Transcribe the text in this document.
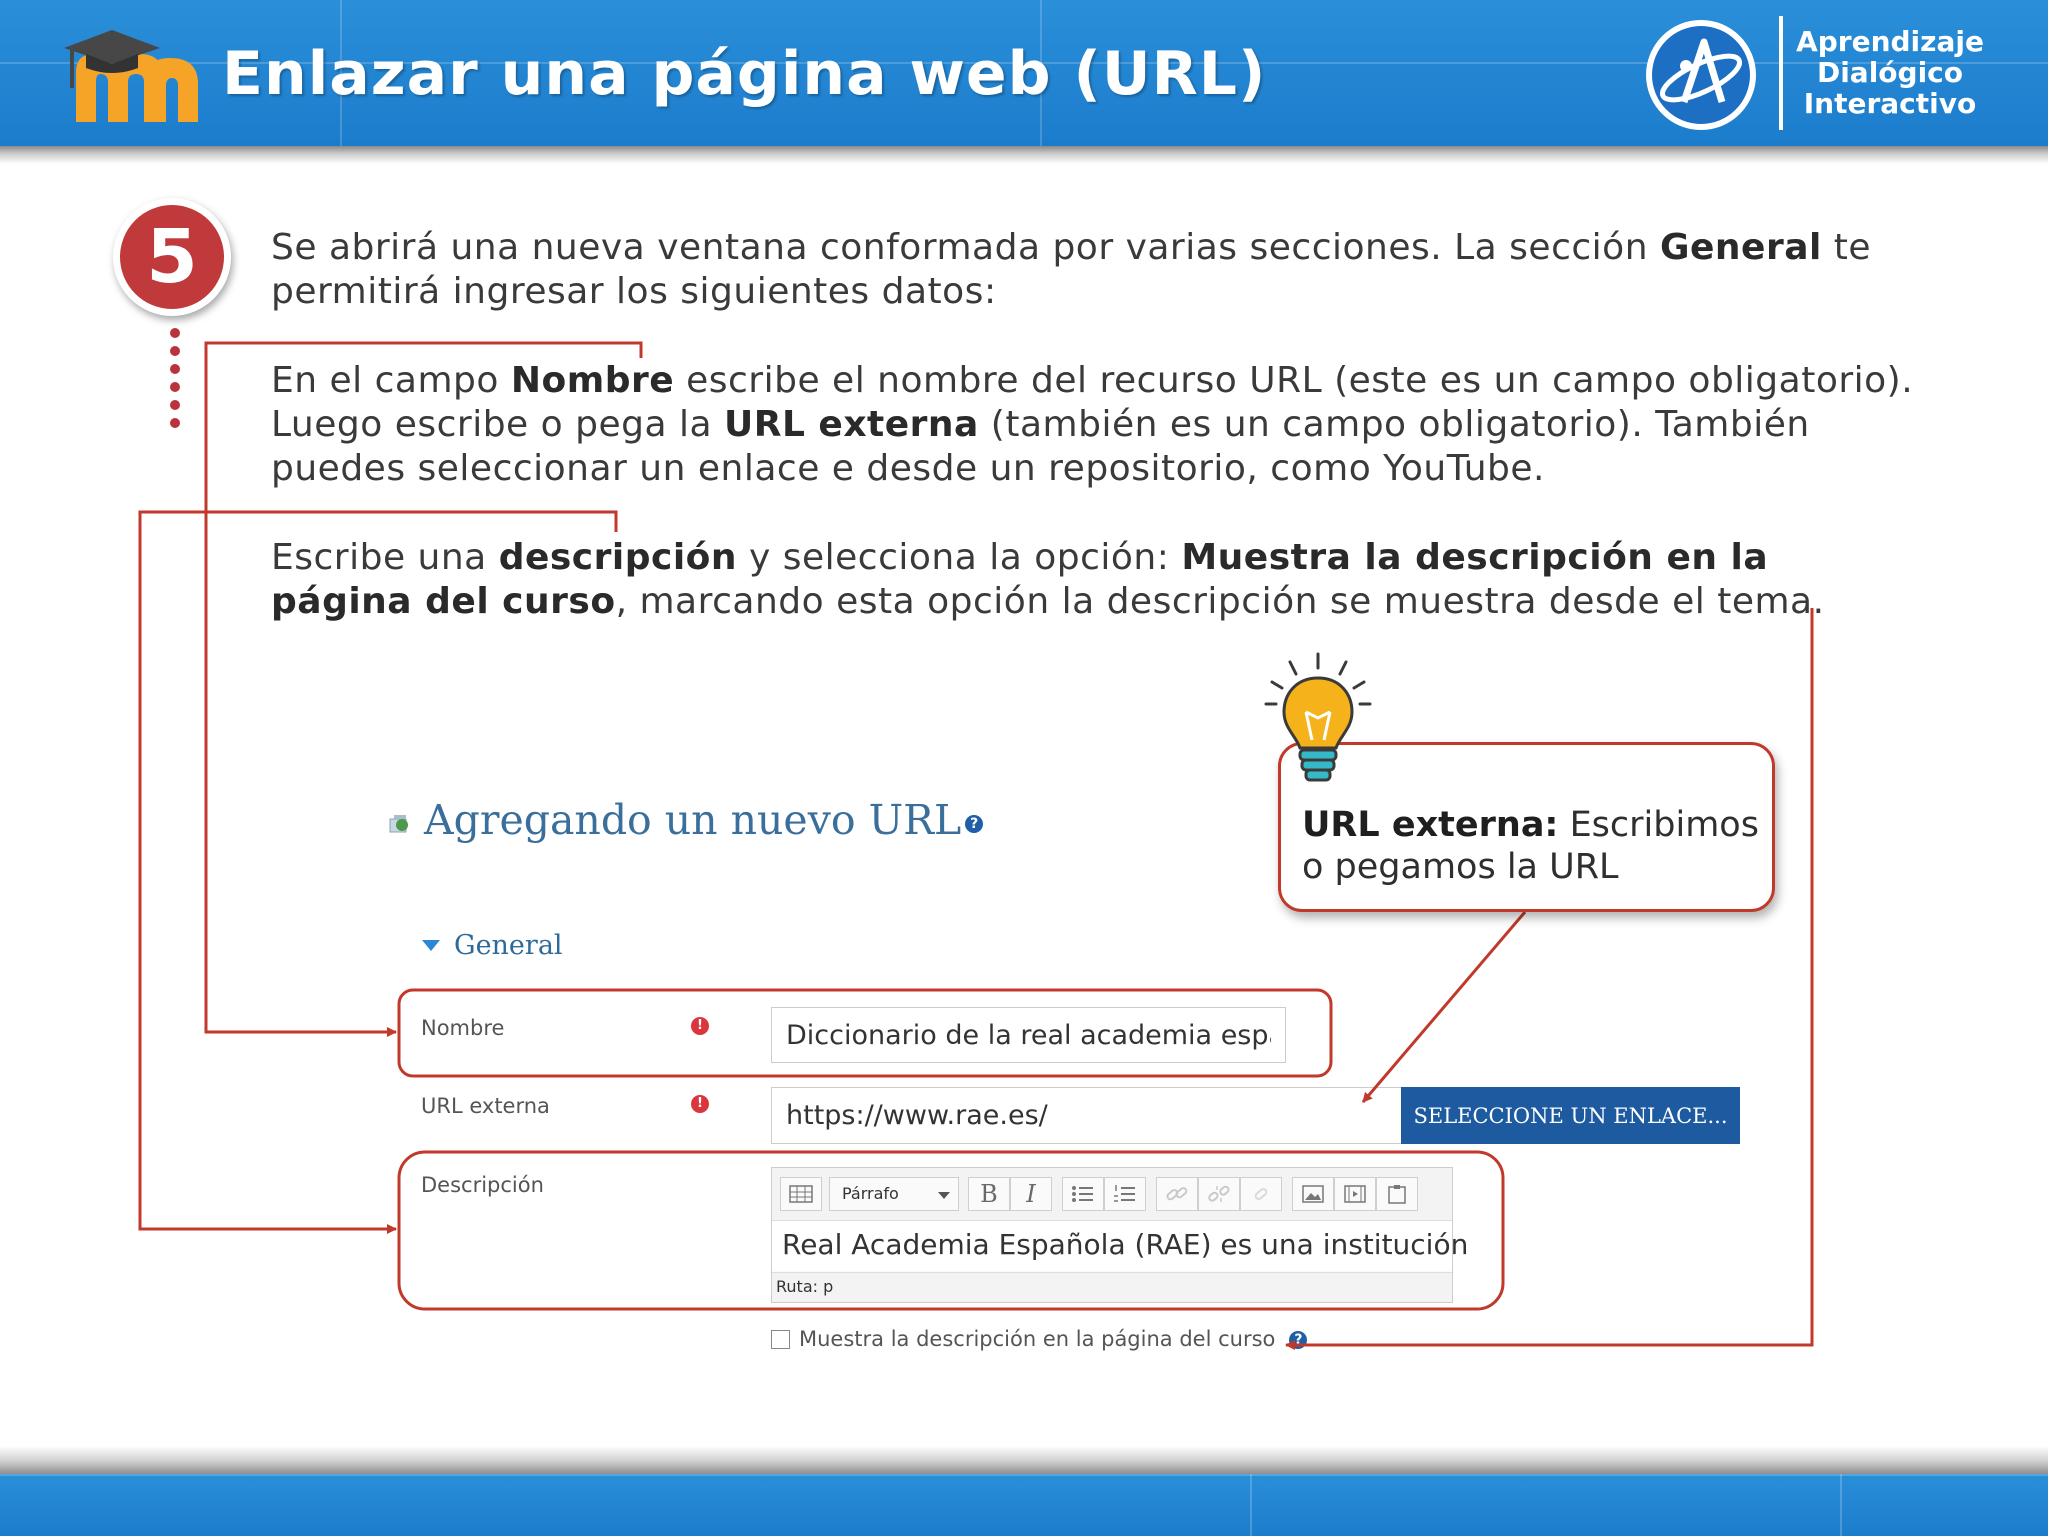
Enlazar una página web (URL)	Aprendizaje
Dialógico
Interactivo
5	Se abrirá una nueva ventana conformada por varias secciones. La sección General te permitirá ingresar los siguientes datos:

En el campo Nombre escribe el nombre del recurso URL (este es un campo obligatorio). Luego escribe o pega la URL externa (también es un campo obligatorio). También puedes seleccionar un enlace e desde un repositorio, como YouTube.

Escribe una descripción y selecciona la opción: Muestra la descripción en la página del curso, marcando esta opción la descripción se muestra desde el tema.

Agregando un nuevo URL ?
General
Nombre	!
Diccionario de la real academia española
URL externa	!
https://www.rae.es/
SELECCIONE UN ENLACE...
Descripción	Párrafo	B	I
Real Academia Española (RAE) es una institución
Ruta: p
Muestra la descripción en la página del curso ?
URL externa: Escribimos o pegamos la URL
